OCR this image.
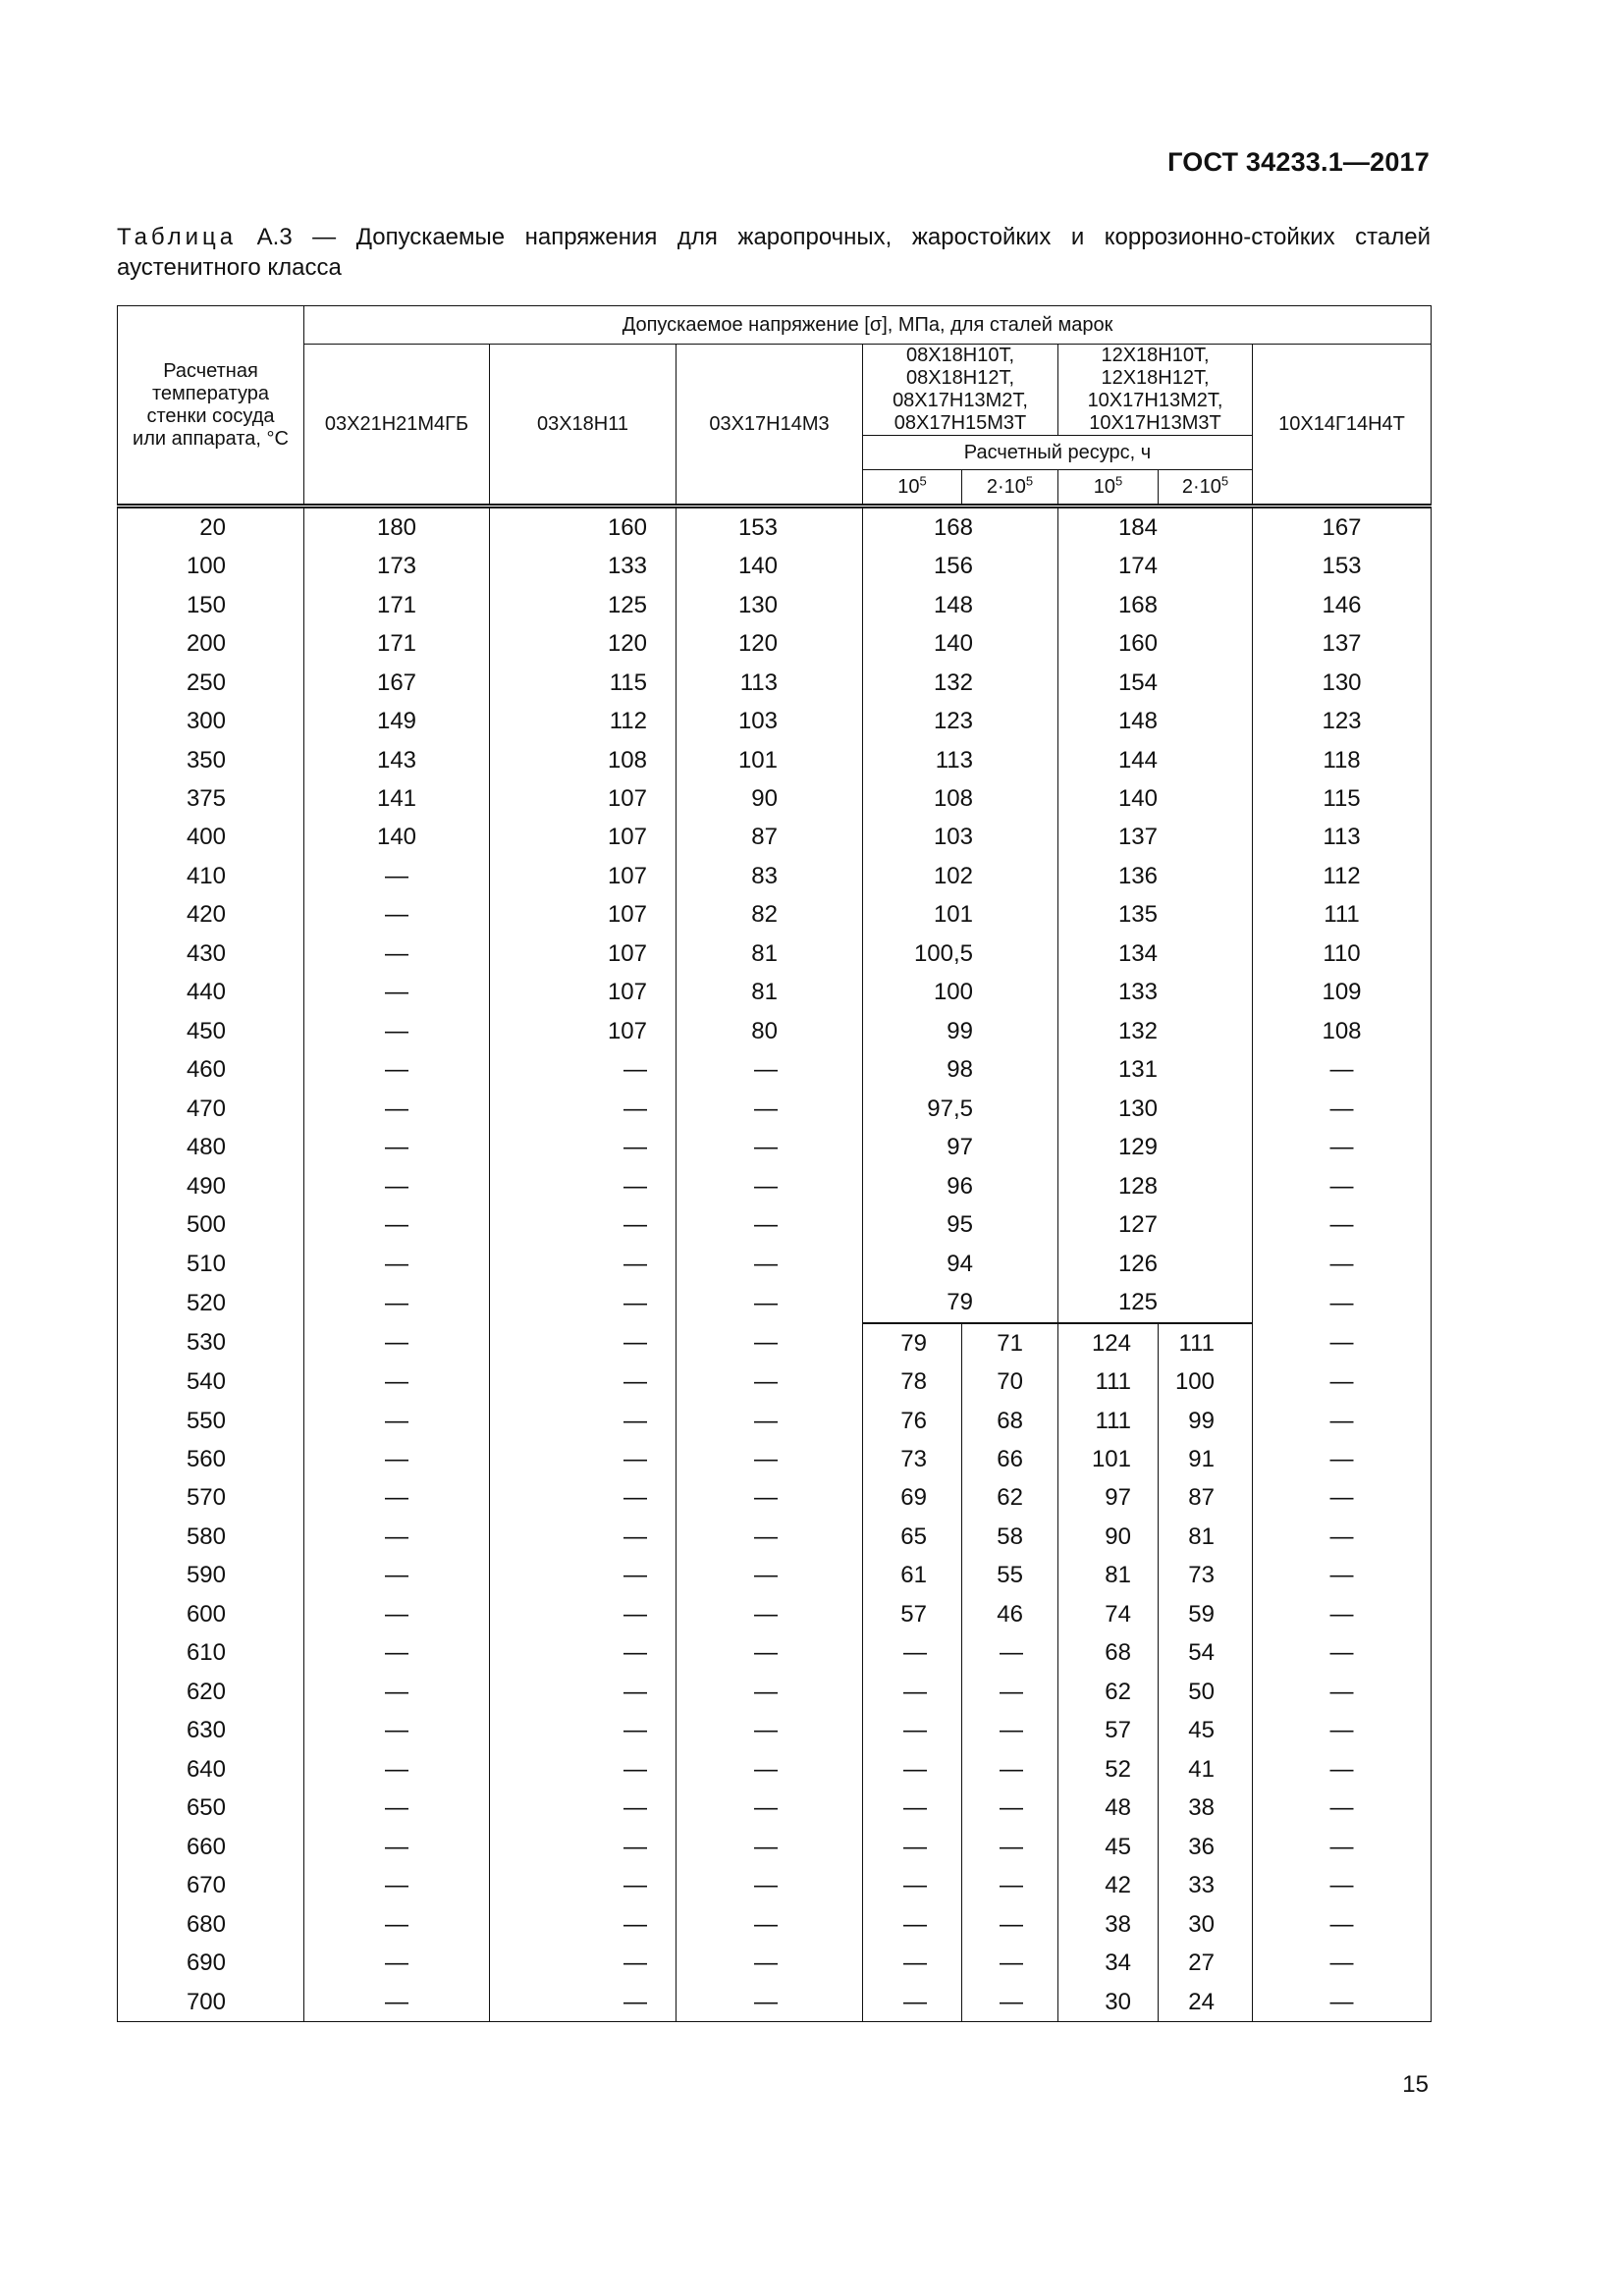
ГОСТ 34233.1—2017
Таблица А.3 — Допускаемые напряжения для жаропрочных, жаростойких и коррозионно-стойких сталей аустенитного класса
Расчетная температура стенки сосуда или аппарата, °С	Допускаемое напряжение [σ], МПа, для сталей марок							
	03Х21Н21М4ГБ	03Х18Н11	03Х17Н14М3	08Х18Н10Т, 08Х18Н12Т, 08Х17Н13М2Т, 08Х17Н15М3Т		12Х18Н10Т, 12Х18Н12Т, 10Х17Н13М2Т, 10Х17Н13М3Т		10Х14Г14Н4Т
				Расчетный ресурс, ч				
				$10^5$	$2\cdot 10^5$	$10^5$	$2\cdot 10^5$
20	180	160	153	168		184		167
100	173	133	140	156		174		153
150	171	125	130	148		168		146
200	171	120	120	140		160		137
250	167	115	113	132		154		130
300	149	112	103	123		148		123
350	143	108	101	113		144		118
375	141	107	90	108		140		115
400	140	107	87	103		137		113
410	—	107	83	102		136		112
420	—	107	82	101		135		111
430	—	107	81	100,5		134		110
440	—	107	81	100		133		109
450	—	107	80	99		132		108
460	—	—	—	98		131		—
470	—	—	—	97,5		130		—
480	—	—	—	97		129		—
490	—	—	—	96		128		—
500	—	—	—	95		127		—
510	—	—	—	94		126		—
520	—	—	—	79		125		—
530	—	—	—	79	71	124	111	—
540	—	—	—	78	70	111	100	—
550	—	—	—	76	68	111	99	—
560	—	—	—	73	66	101	91	—
570	—	—	—	69	62	97	87	—
580	—	—	—	65	58	90	81	—
590	—	—	—	61	55	81	73	—
600	—	—	—	57	46	74	59	—
610	—	—	—	—	—	68	54	—
620	—	—	—	—	—	62	50	—
630	—	—	—	—	—	57	45	—
640	—	—	—	—	—	52	41	—
650	—	—	—	—	—	48	38	—
660	—	—	—	—	—	45	36	—
670	—	—	—	—	—	42	33	—
680	—	—	—	—	—	38	30	—
690	—	—	—	—	—	34	27	—
700	—	—	—	—	—	30	24	—
15
